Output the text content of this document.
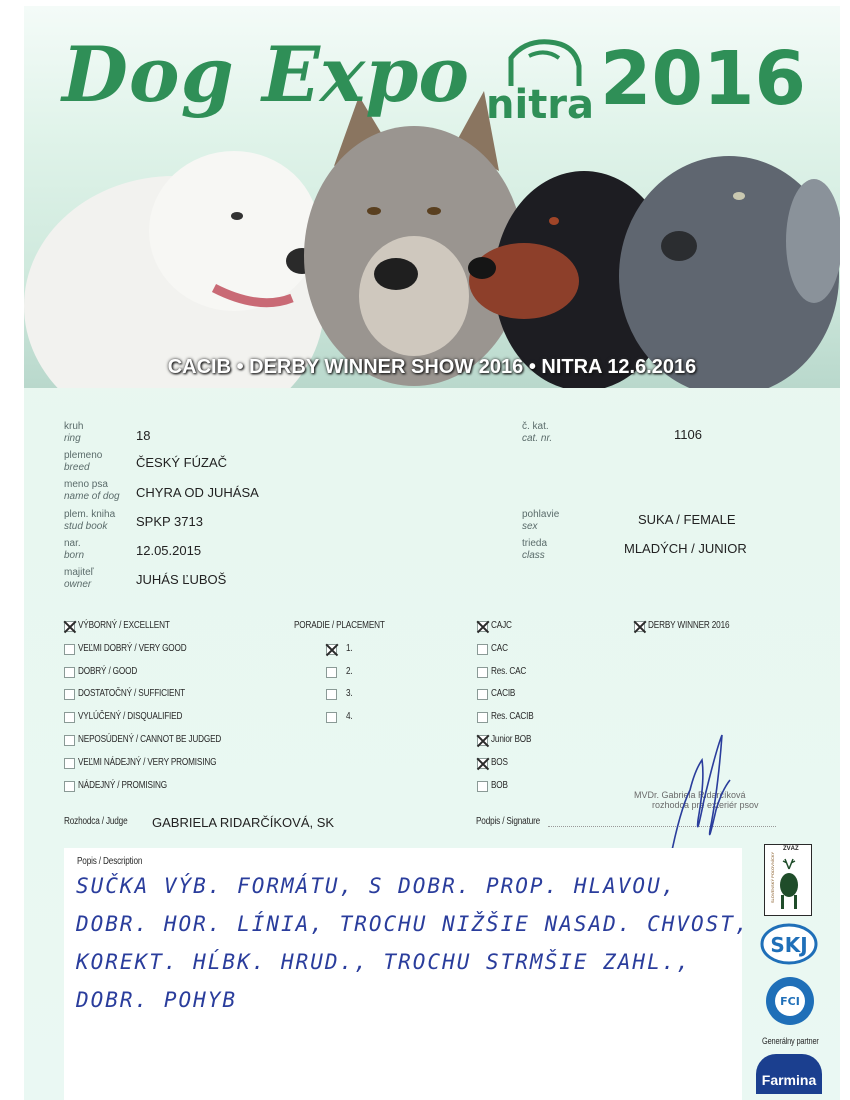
Dog Expo nitra 2016
CACIB • DERBY WINNER SHOW 2016 • NITRA 12.6.2016
kruh
ring	18
č. kat.
cat. nr.	1106
plemeno
breed	ČESKÝ FÚZAČ
meno psa
name of dog CHYRA OD JUHÁSA
plem. kniha
stud book	SPKP 3713	pohlavie
sex	SUKA / FEMALE
nar.
born	12.05.2015	trieda
class	MLADÝCH / JUNIOR
majiteľ
owner	JUHÁS ĽUBOŠ
VÝBORNÝ / EXCELLENT
VEĽMI DOBRÝ / VERY GOOD
DOBRÝ / GOOD
DOSTATOČNÝ / SUFFICIENT
VYLÚČENÝ / DISQUALIFIED
NEPOSÚDENÝ / CANNOT BE JUDGED
VEĽMI NÁDEJNÝ / VERY PROMISING
NÁDEJNÝ / PROMISING
PORADIE / PLACEMENT
1.
2.
3.
4.
CAJC
CAC
Res. CAC
CACIB
Res. CACIB
Junior BOB
BOS
BOB
DERBY WINNER 2016
Rozhodca / Judge GABRIELA RIDARČÍKOVÁ, SK	Podpis / Signature
MVDr. Gabriela Ridarčíková
rozhodca pre exteriér psov
Popis / Description
SUČKA VÝB. FORMÁTU, S DOBR. PROP. HLAVOU,
DOBR. HOR. LÍNIA, TROCHU NIŽŠIE NASAD. CHVOST,
KOREKT. HĹBK. HRUD., TROCHU STRMŠIE ZAHL.,
DOBR. POHYB
ZVÄZ
SLOVENSKÝ POĽOVNÍCKY
SKJ
FCI
Generálny partner
Farmina
